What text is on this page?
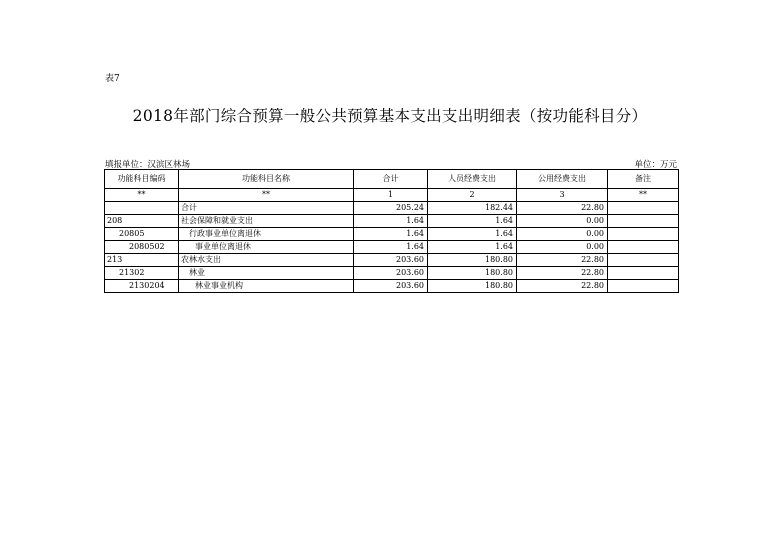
表7
2018年部门综合预算一般公共预算基本支出支出明细表（按功能科目分）
填报单位：汉滨区林场	单位：万元
功能科目编码	功能科目名称	合计	人员经费支出	公用经费支出	备注
**	**	1	2	3	**
	合计	205.24	182.44	22.80	
208	社会保障和就业支出	1.64	1.64	0.00	
20805	行政事业单位离退休	1.64	1.64	0.00	
2080502	事业单位离退休	1.64	1.64	0.00	
213	农林水支出	203.60	180.80	22.80	
21302	林业	203.60	180.80	22.80	
2130204	林业事业机构	203.60	180.80	22.80	
